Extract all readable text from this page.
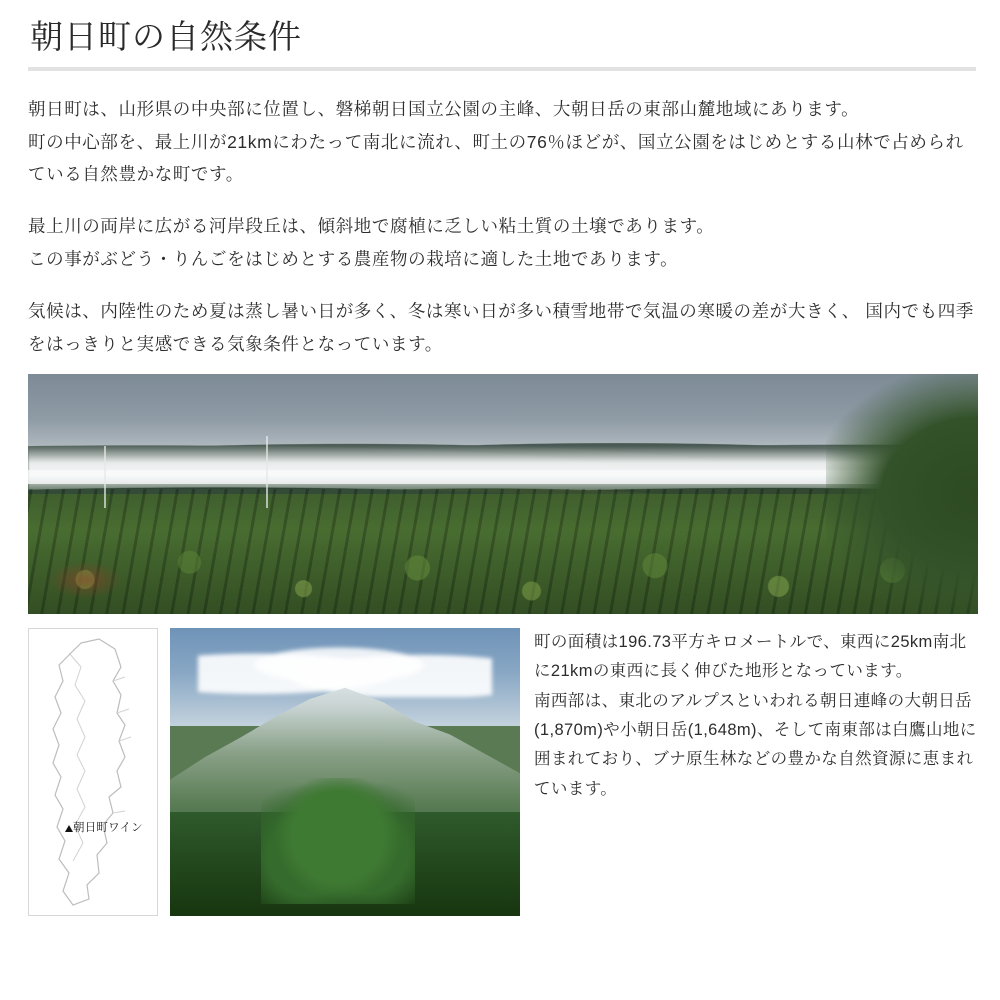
朝日町の自然条件

朝日町は、山形県の中央部に位置し、磐梯朝日国立公園の主峰、大朝日岳の東部山麓地域にあります。
町の中心部を、最上川が21kmにわたって南北に流れ、町土の76％ほどが、国立公園をはじめとする山林で占められている自然豊かな町です。

最上川の両岸に広がる河岸段丘は、傾斜地で腐植に乏しい粘土質の土壌であります。
この事がぶどう・りんごをはじめとする農産物の栽培に適した土地であります。

気候は、内陸性のため夏は蒸し暑い日が多く、冬は寒い日が多い積雪地帯で気温の寒暖の差が大きく、 国内でも四季をはっきりと実感できる気象条件となっています。

朝日町ワイン

町の面積は196.73平方キロメートルで、東西に25km南北に21kmの東西に長く伸びた地形となっています。
南西部は、東北のアルプスといわれる朝日連峰の大朝日岳(1,870m)や小朝日岳(1,648m)、そして南東部は白鷹山地に囲まれており、ブナ原生林などの豊かな自然資源に恵まれています。
